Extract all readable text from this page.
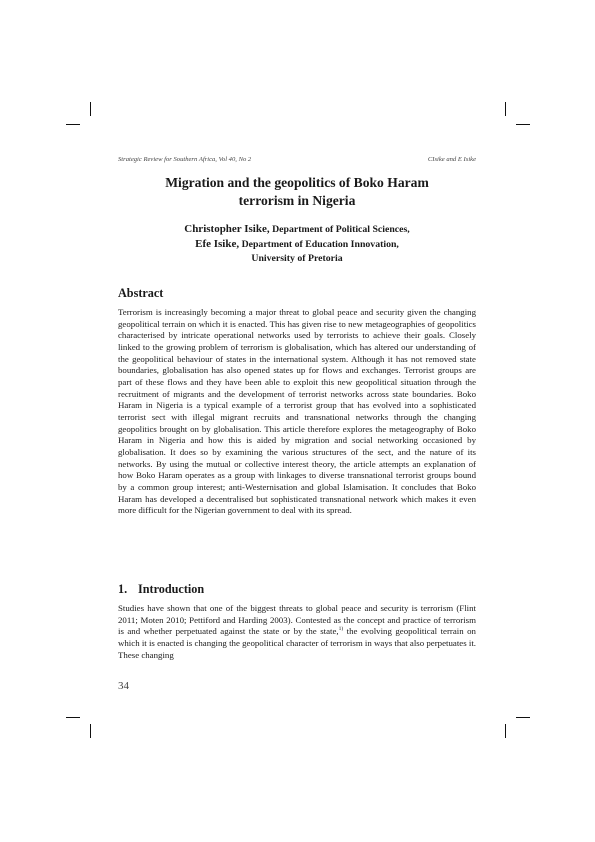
Strategic Review for Southern Africa, Vol 40, No 2	CIsike and E Isike
Migration and the geopolitics of Boko Haram
terrorism in Nigeria
Christopher Isike, Department of Political Sciences,
Efe Isike, Department of Education Innovation,
University of Pretoria
Abstract
Terrorism is increasingly becoming a major threat to global peace and security given the changing geopolitical terrain on which it is enacted. This has given rise to new metageographies of geopolitics characterised by intricate operational networks used by terrorists to achieve their goals. Closely linked to the growing problem of terrorism is globalisation, which has altered our understanding of the geopolitical behaviour of states in the international system. Although it has not removed state boundaries, globalisation has also opened states up for flows and exchanges. Terrorist groups are part of these flows and they have been able to exploit this new geopolitical situation through the recruitment of migrants and the development of terrorist networks across state boundaries. Boko Haram in Nigeria is a typical example of a terrorist group that has evolved into a sophisticated terrorist sect with illegal migrant recruits and transnational networks through the changing geopolitics brought on by globalisation. This article therefore explores the metageography of Boko Haram in Nigeria and how this is aided by migration and social networking occasioned by globalisation. It does so by examining the various structures of the sect, and the nature of its networks. By using the mutual or collective interest theory, the article attempts an explanation of how Boko Haram operates as a group with linkages to diverse transnational terrorist groups bound by a common group interest; anti-Westernisation and global Islamisation. It concludes that Boko Haram has developed a decentralised but sophisticated transnational network which makes it even more difficult for the Nigerian government to deal with its spread.
1. Introduction
Studies have shown that one of the biggest threats to global peace and security is terrorism (Flint 2011; Moten 2010; Pettiford and Harding 2003). Contested as the concept and practice of terrorism is and whether perpetuated against the state or by the state,$^{1)}$ the evolving geopolitical terrain on which it is enacted is changing the geopolitical character of terrorism in ways that also perpetuates it. These changing
34
